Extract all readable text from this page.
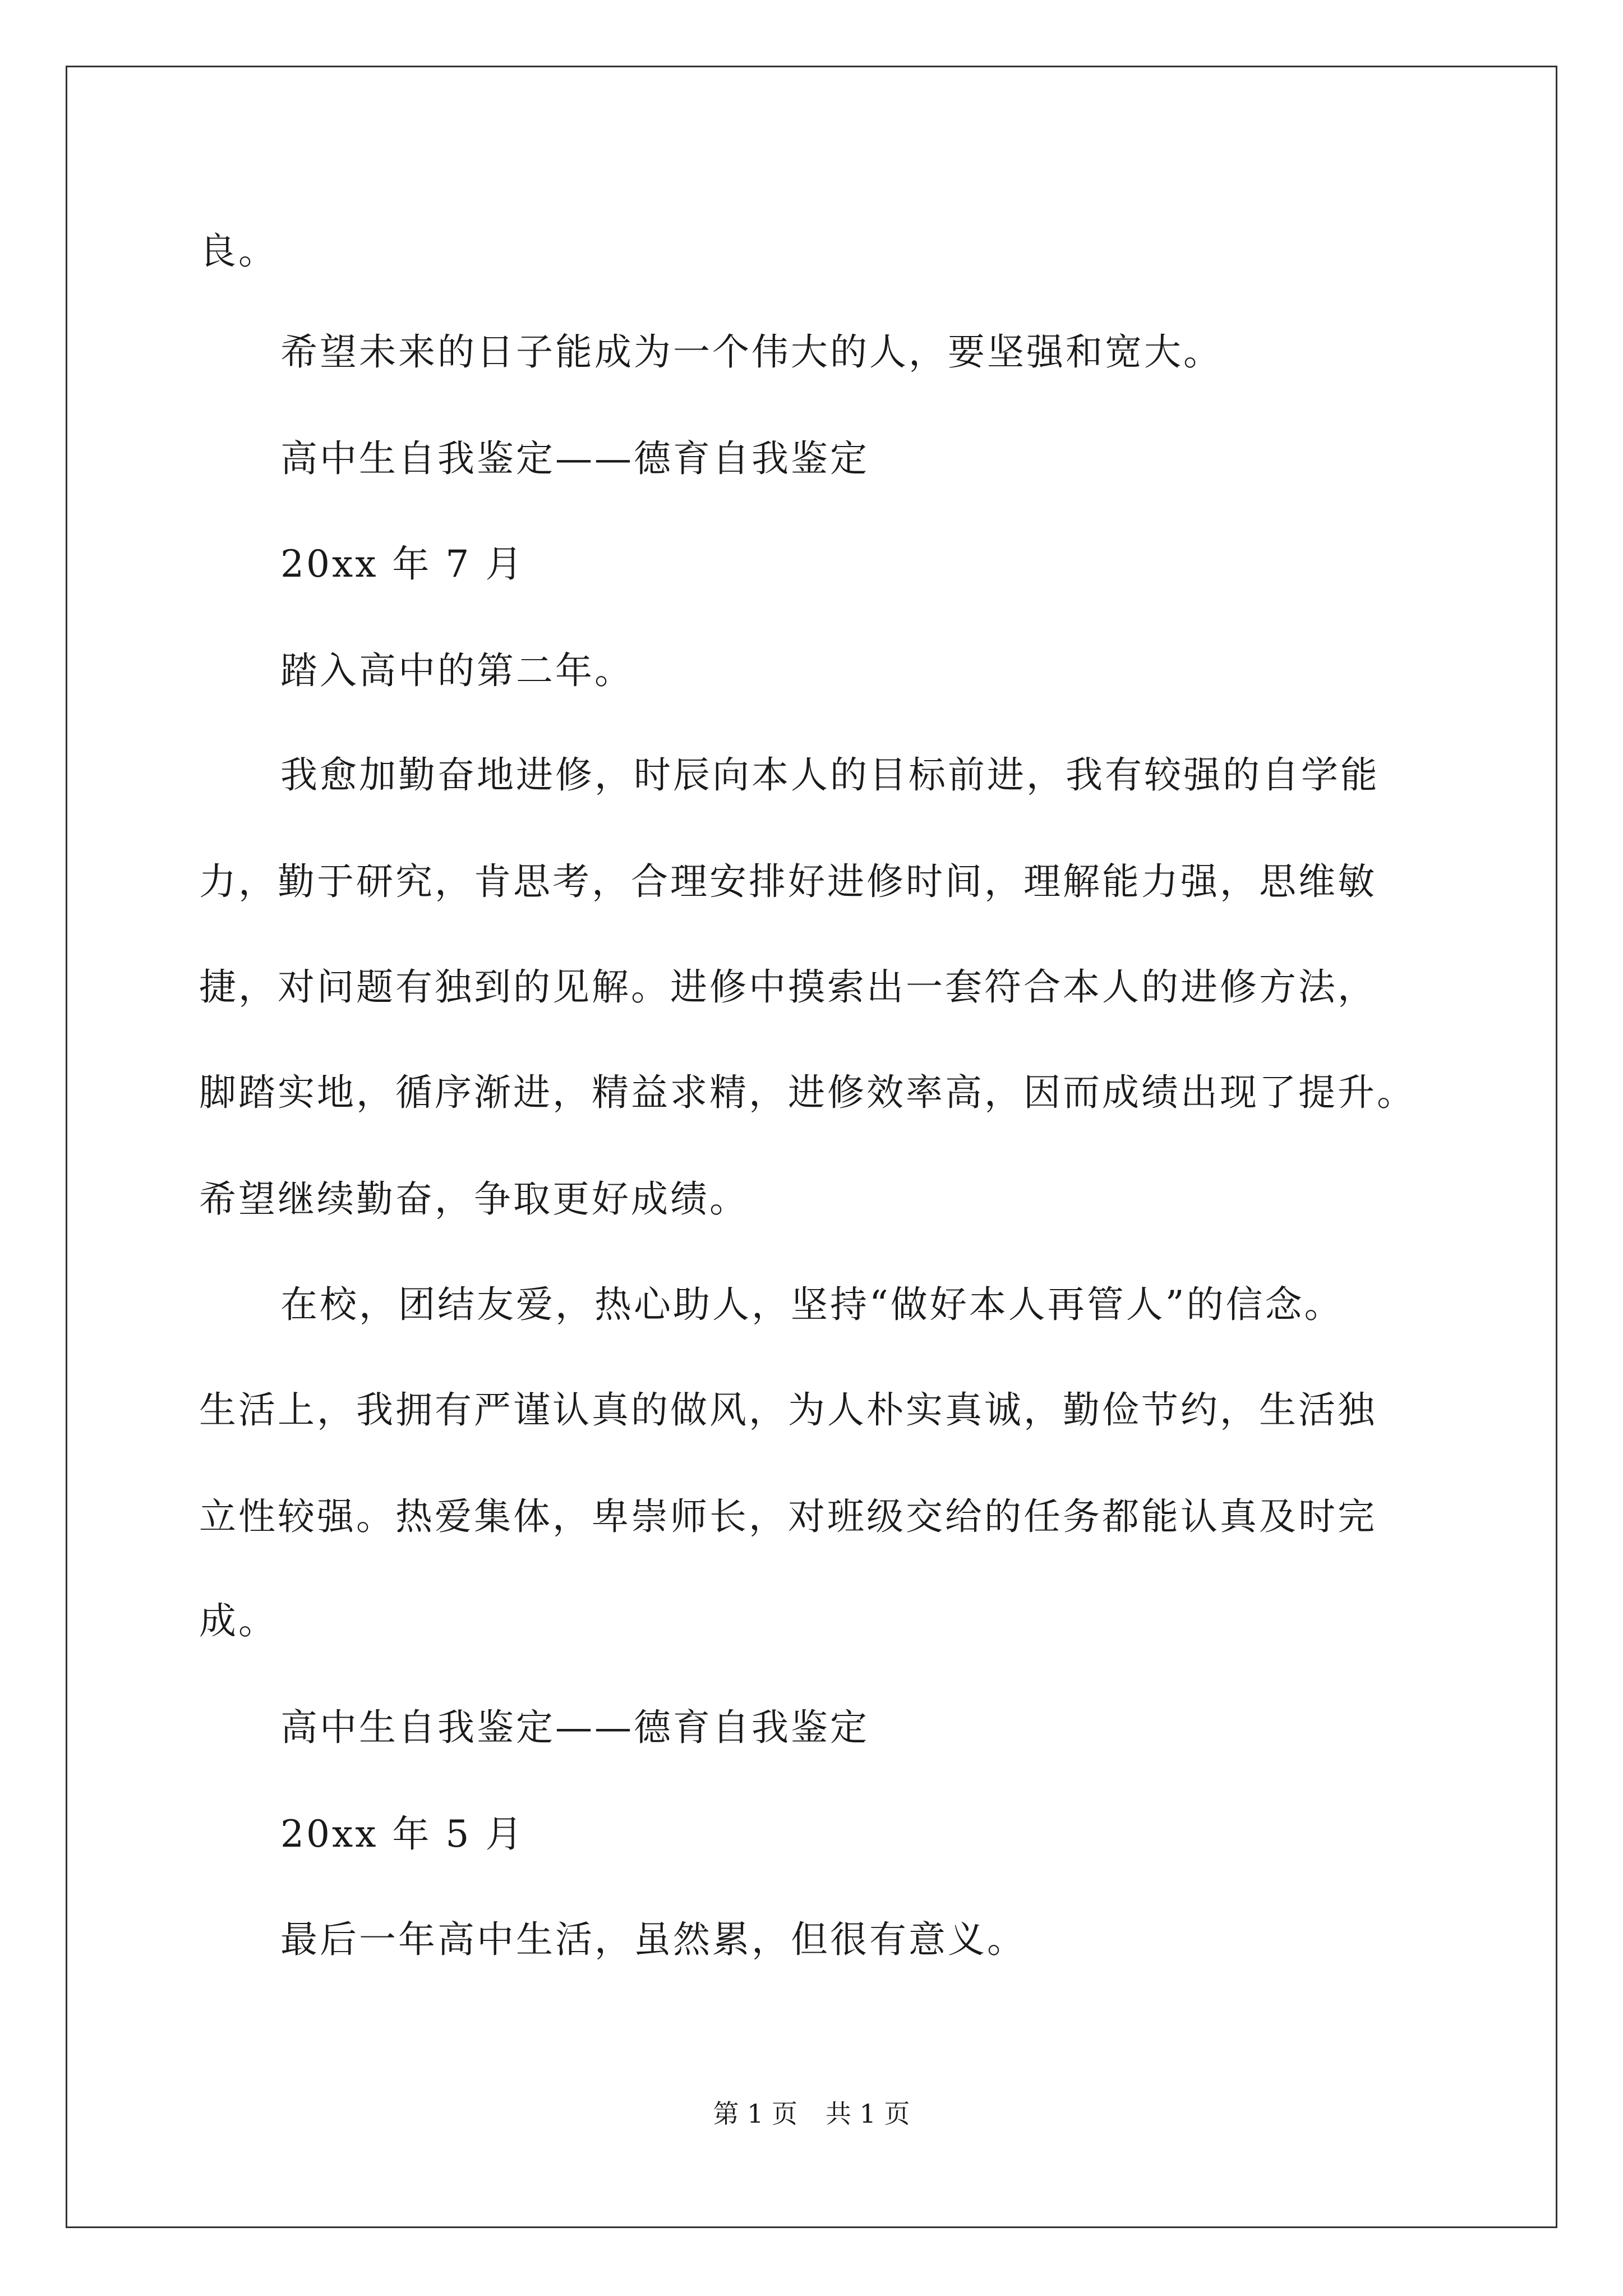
良。
希望未来的日子能成为一个伟大的人，要坚强和宽大。
高中生自我鉴定——德育自我鉴定
20xx 年 7 月
踏入高中的第二年。
我愈加勤奋地进修，时辰向本人的目标前进，我有较强的自学能
力，勤于研究，肯思考，合理安排好进修时间，理解能力强，思维敏
捷，对问题有独到的见解。进修中摸索出一套符合本人的进修方法，
脚踏实地，循序渐进，精益求精，进修效率高，因而成绩出现了提升。
希望继续勤奋，争取更好成绩。
在校，团结友爱，热心助人，坚持“做好本人再管人”的信念。
生活上，我拥有严谨认真的做风，为人朴实真诚，勤俭节约，生活独
立性较强。热爱集体，卑崇师长，对班级交给的任务都能认真及时完
成。
高中生自我鉴定——德育自我鉴定
20xx 年 5 月
最后一年高中生活，虽然累，但很有意义。
第 1 页 共 1 页
